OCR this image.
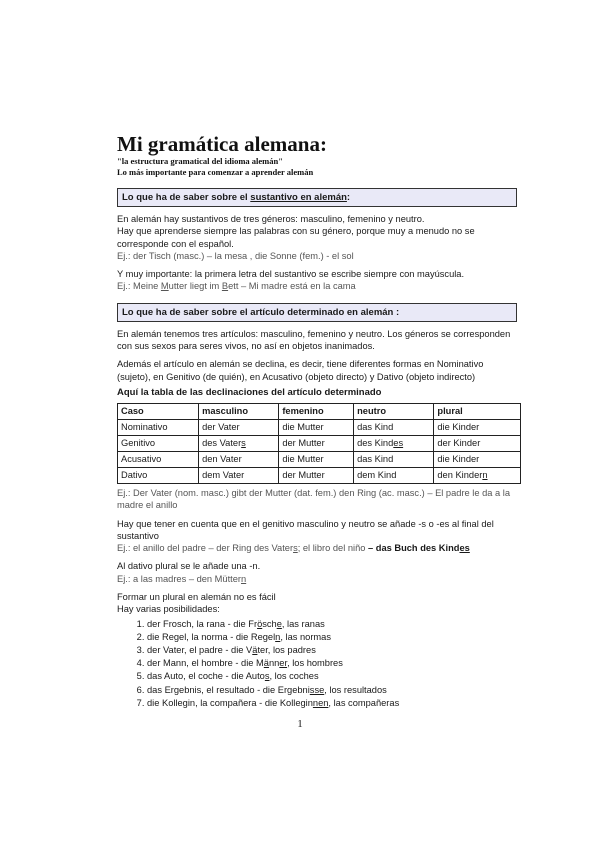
Mi gramática alemana:
"la estructura gramatical del idioma alemán"
Lo más importante para comenzar a aprender alemán
Lo que ha de saber sobre el sustantivo en alemán:

En alemán hay sustantivos de tres géneros: masculino, femenino y neutro.

Hay que aprenderse siempre las palabras con su género, porque muy a menudo no se corresponde con el español.

Ej.: der Tisch (masc.) – la mesa , die Sonne (fem.) - el sol

Y muy importante: la primera letra del sustantivo se escribe siempre con mayúscula.

Ej.: Meine Mutter liegt im Bett – Mi madre está en la cama

Lo que ha de saber sobre el artículo determinado en alemán :

En alemán tenemos tres artículos: masculino, femenino y neutro. Los géneros se corresponden con sus sexos para seres vivos, no así en objetos inanimados.

Además el artículo en alemán se declina, es decir, tiene diferentes formas en Nominativo (sujeto), en Genitivo (de quién), en Acusativo (objeto directo) y Dativo (objeto indirecto)

Aquí la tabla de las declinaciones del artículo determinado
Caso	masculino	femenino	neutro	plural
Nominativo	der Vater	die Mutter	das Kind	die Kinder
Genitivo	des Vaters	der Mutter	des Kindes	der Kinder
Acusativo	den Vater	die Mutter	das Kind	die Kinder
Dativo	dem Vater	der Mutter	dem Kind	den Kindern

Ej.: Der Vater (nom. masc.) gibt der Mutter (dat. fem.) den Ring (ac. masc.) – El padre le da a la madre el anillo

Hay que tener en cuenta que en el genitivo masculino y neutro se añade -s o -es al final del sustantivo

Ej.: el anillo del padre – der Ring des Vaters; el libro del niño – das Buch des Kindes

Al dativo plural se le añade una -n.

Ej.: a las madres – den Müttern

Formar un plural en alemán no es fácil

Hay varias posibilidades:

1. der Frosch, la rana - die Frösche, las ranas
2. die Regel, la norma - die Regeln, las normas
3. der Vater, el padre - die Väter, los padres
4. der Mann, el hombre - die Männer, los hombres
5. das Auto, el coche - die Autos, los coches
6. das Ergebnis, el resultado - die Ergebnisse, los resultados
7. die Kollegin, la compañera - die Kolleginnen, las compañeras
1
